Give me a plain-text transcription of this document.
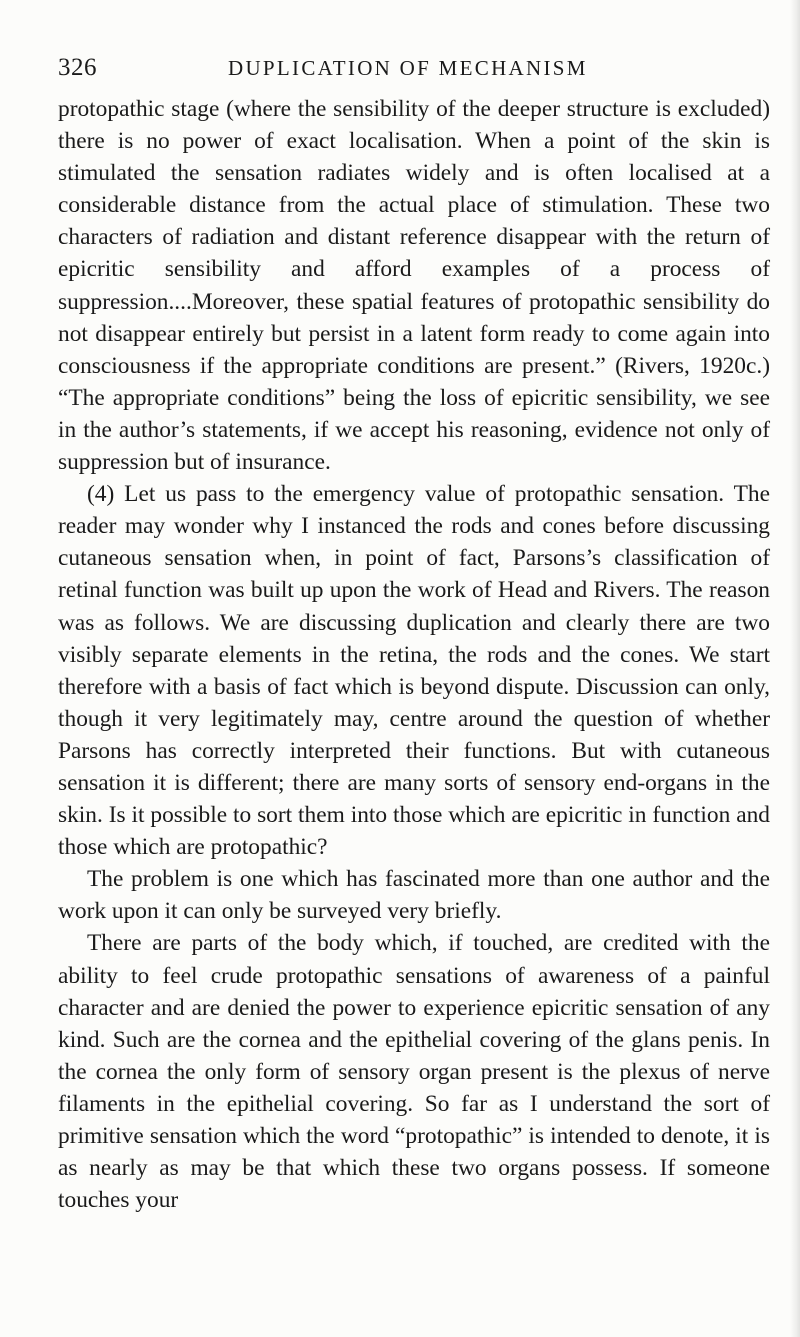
326	DUPLICATION OF MECHANISM

protopathic stage (where the sensibility of the deeper structure is excluded) there is no power of exact localisation. When a point of the skin is stimulated the sensation radiates widely and is often localised at a considerable distance from the actual place of stimulation. These two characters of radiation and distant reference disappear with the return of epicritic sensibility and afford examples of a process of suppression....Moreover, these spatial features of protopathic sensibility do not disappear entirely but persist in a latent form ready to come again into consciousness if the appropriate conditions are present.” (Rivers, 1920c.) “The appropriate conditions” being the loss of epicritic sensibility, we see in the author’s statements, if we accept his reasoning, evidence not only of suppression but of insurance.

(4) Let us pass to the emergency value of protopathic sensation. The reader may wonder why I instanced the rods and cones before discussing cutaneous sensation when, in point of fact, Parsons’s classification of retinal function was built up upon the work of Head and Rivers. The reason was as follows. We are discussing duplication and clearly there are two visibly separate elements in the retina, the rods and the cones. We start therefore with a basis of fact which is beyond dispute. Discussion can only, though it very legitimately may, centre around the question of whether Parsons has correctly interpreted their functions. But with cutaneous sensation it is different; there are many sorts of sensory end-organs in the skin. Is it possible to sort them into those which are epicritic in function and those which are protopathic?

The problem is one which has fascinated more than one author and the work upon it can only be surveyed very briefly.

There are parts of the body which, if touched, are credited with the ability to feel crude protopathic sensations of awareness of a painful character and are denied the power to experience epicritic sensation of any kind. Such are the cornea and the epithelial covering of the glans penis. In the cornea the only form of sensory organ present is the plexus of nerve filaments in the epithelial covering. So far as I understand the sort of primitive sensation which the word “protopathic” is intended to denote, it is as nearly as may be that which these two organs possess. If someone touches your
